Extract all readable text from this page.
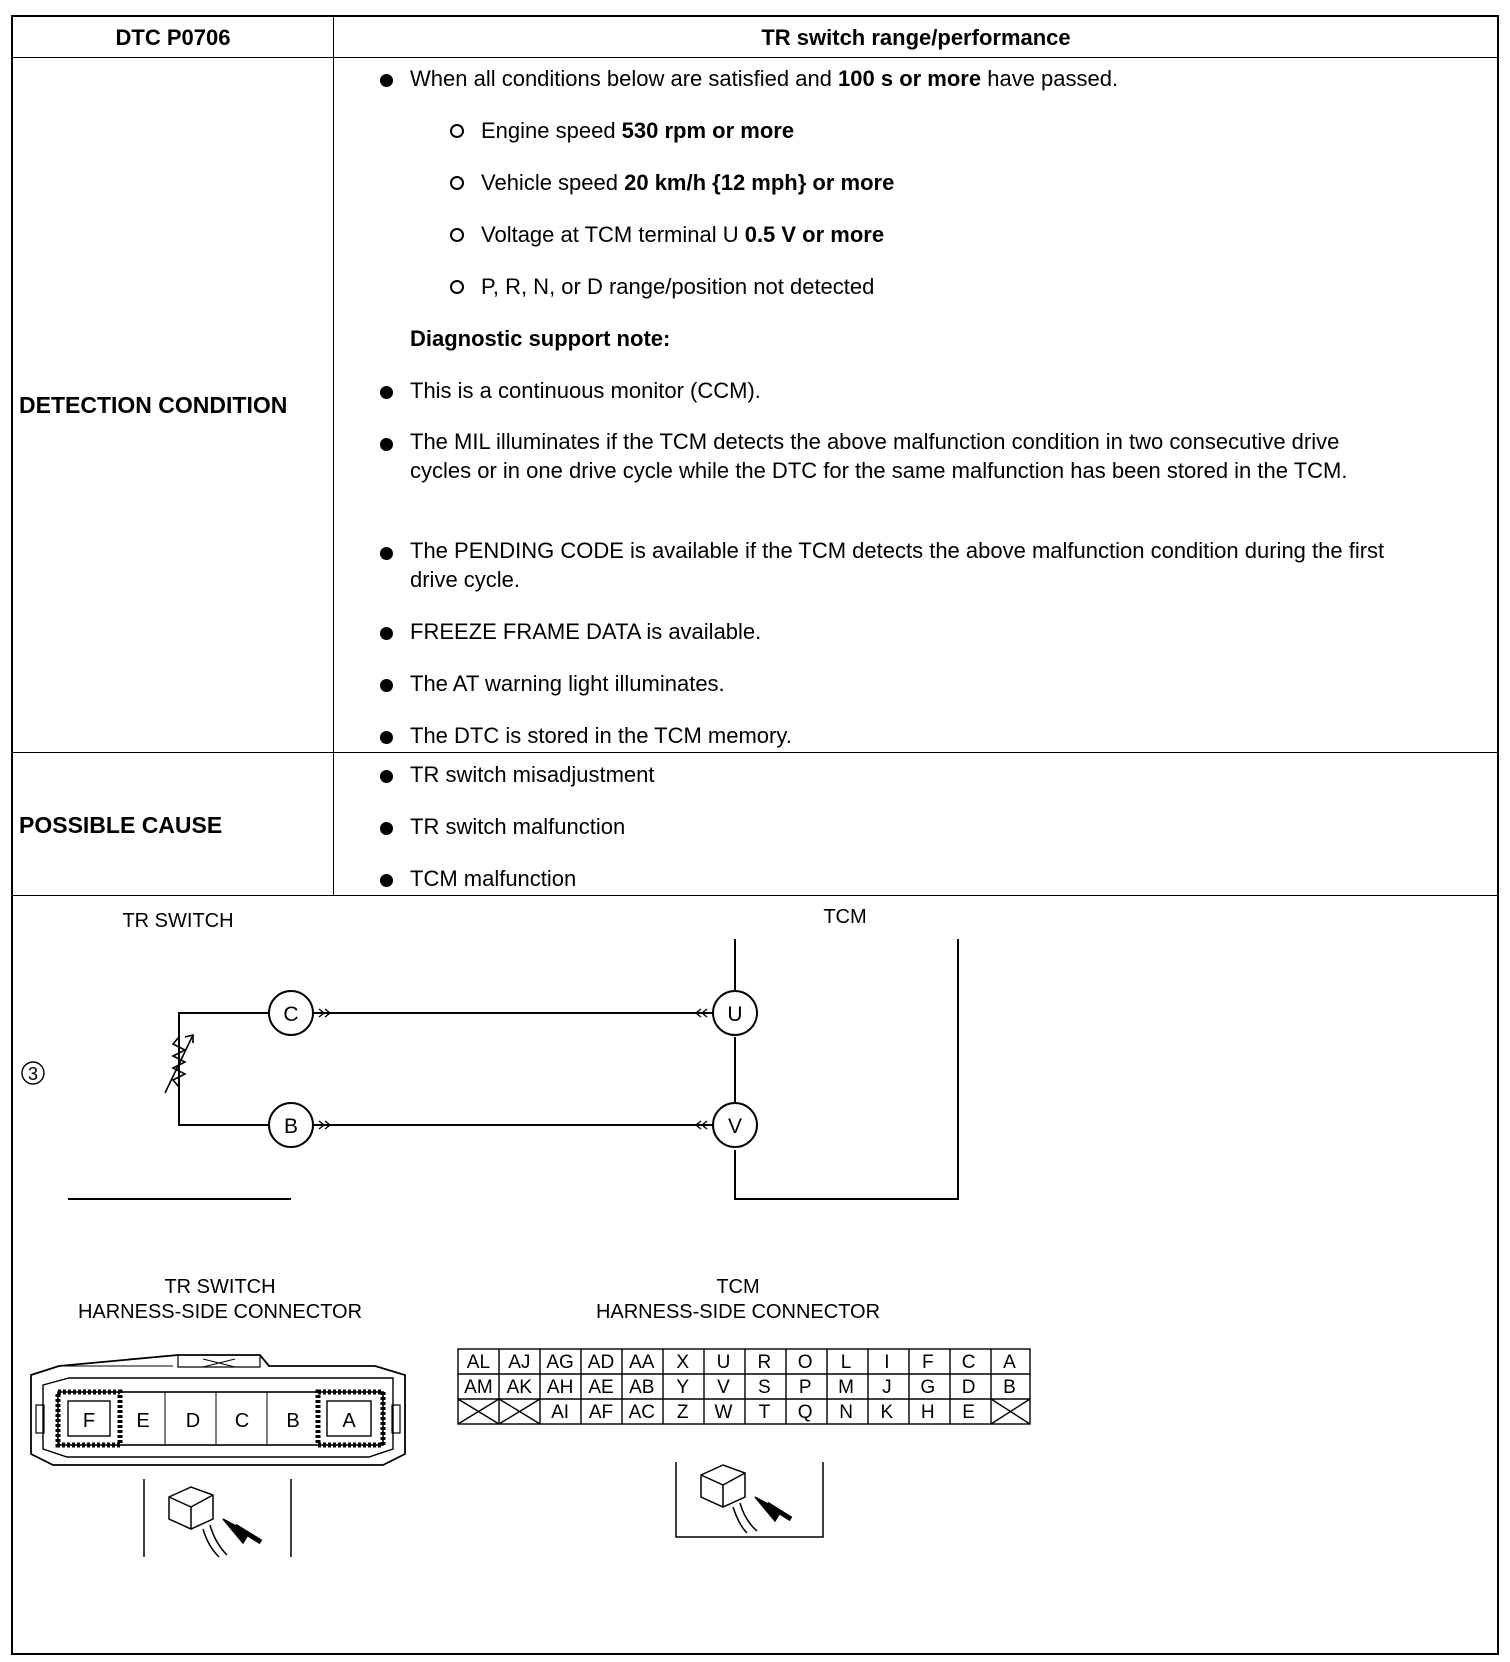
DTC P0706	TR switch range/performance
DETECTION CONDITION
When all conditions below are satisfied and 100 s or more have passed.
Engine speed 530 rpm or more
Vehicle speed 20 km/h {12 mph} or more
Voltage at TCM terminal U 0.5 V or more
P, R, N, or D range/position not detected
Diagnostic support note:
This is a continuous monitor (CCM).
The MIL illuminates if the TCM detects the above malfunction condition in two consecutive drive cycles or in one drive cycle while the DTC for the same malfunction has been stored in the TCM.
The PENDING CODE is available if the TCM detects the above malfunction condition during the first drive cycle.
FREEZE FRAME DATA is available.
The AT warning light illuminates.
The DTC is stored in the TCM memory.
POSSIBLE CAUSE
TR switch misadjustment
TR switch malfunction
TCM malfunction
C
B
U
V
3
TR SWITCH	TCM
TR SWITCH
HARNESS-SIDE CONNECTOR
F E D C B A
TCM
HARNESS-SIDE CONNECTOR
AL AJ AG AD AA X U R O L I F C A
AM AK AH AE AB Y V S P M J G D B
AI AF AC Z W T Q N K H E
